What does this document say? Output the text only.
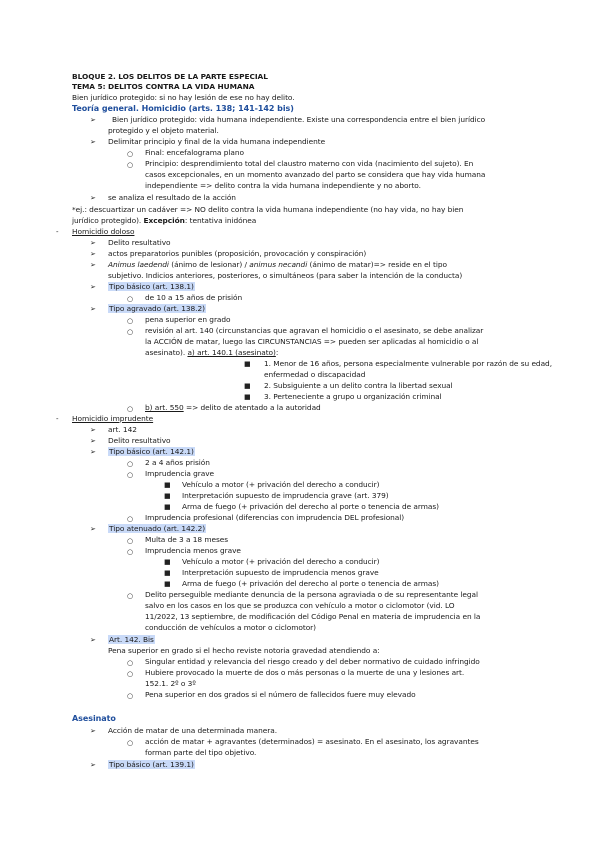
BLOQUE 2. LOS DELITOS DE LA PARTE ESPECIAL
TEMA 5: DELITOS CONTRA LA VIDA HUMANA
Bien jurídico protegido: si no hay lesión de ese no hay delito.
Teoría general. Homicidio (arts. 138; 141-142 bis)
➢ Bien jurídico protegido: vida humana independiente. Existe una correspondencia entre el bien jurídico
protegido y el objeto material.
➢ Delimitar principio y final de la vida humana independiente
○ Final: encefalograma plano
○ Principio: desprendimiento total del claustro materno con vida (nacimiento del sujeto). En
casos excepcionales, en un momento avanzado del parto se considera que hay vida humana
independiente => delito contra la vida humana independiente y no aborto.
➢ se analiza el resultado de la acción
*ej.: descuartizar un cadáver => NO delito contra la vida humana independiente (no hay vida, no hay bien
jurídico protegido). Excepción: tentativa inidónea
- Homicidio doloso
➢ Delito resultativo
➢ actos preparatorios punibles (proposición, provocación y conspiración)
➢ Animus laedendi (ánimo de lesionar) / animus necandi (ánimo de matar)=> reside en el tipo
subjetivo. Indicios anteriores, posteriores, o simultáneos (para saber la intención de la conducta)
➢ Tipo básico (art. 138.1)
○ de 10 a 15 años de prisión
➢ Tipo agravado (art. 138.2)
○ pena superior en grado
○ revisión al art. 140 (circunstancias que agravan el homicidio o el asesinato, se debe analizar
la ACCIÓN de matar, luego las CIRCUNSTANCIAS => pueden ser aplicadas al homicidio o al
asesinato). a) art. 140.1 (asesinato):
■ 1. Menor de 16 años, persona especialmente vulnerable por razón de su edad,
enfermedad o discapacidad
■ 2. Subsiguiente a un delito contra la libertad sexual
■ 3. Perteneciente a grupo u organización criminal
○ b) art. 550 => delito de atentado a la autoridad
- Homicidio imprudente
➢ art. 142
➢ Delito resultativo
➢ Tipo básico (art. 142.1)
○ 2 a 4 años prisión
○ Imprudencia grave
■ Vehículo a motor (+ privación del derecho a conducir)
■ Interpretación supuesto de imprudencia grave (art. 379)
■ Arma de fuego (+ privación del derecho al porte o tenencia de armas)
○ Imprudencia profesional (diferencias con imprudencia DEL profesional)
➢ Tipo atenuado (art. 142.2)
○ Multa de 3 a 18 meses
○ Imprudencia menos grave
■ Vehículo a motor (+ privación del derecho a conducir)
■ Interpretación supuesto de imprudencia menos grave
■ Arma de fuego (+ privación del derecho al porte o tenencia de armas)
○ Delito perseguible mediante denuncia de la persona agraviada o de su representante legal
salvo en los casos en los que se produzca con vehículo a motor o ciclomotor (vid. LO
11/2022, 13 septiembre, de modificación del Código Penal en materia de imprudencia en la
conducción de vehículos a motor o ciclomotor)
➢ Art. 142. Bis
Pena superior en grado si el hecho reviste notoria gravedad atendiendo a:
○ Singular entidad y relevancia del riesgo creado y del deber normativo de cuidado infringido
○ Hubiere provocado la muerte de dos o más personas o la muerte de una y lesiones art.
152.1. 2º o 3º
○ Pena superior en dos grados si el número de fallecidos fuere muy elevado
Asesinato
➢ Acción de matar de una determinada manera.
○ acción de matar + agravantes (determinados) = asesinato. En el asesinato, los agravantes
forman parte del tipo objetivo.
➢ Tipo básico (art. 139.1)
